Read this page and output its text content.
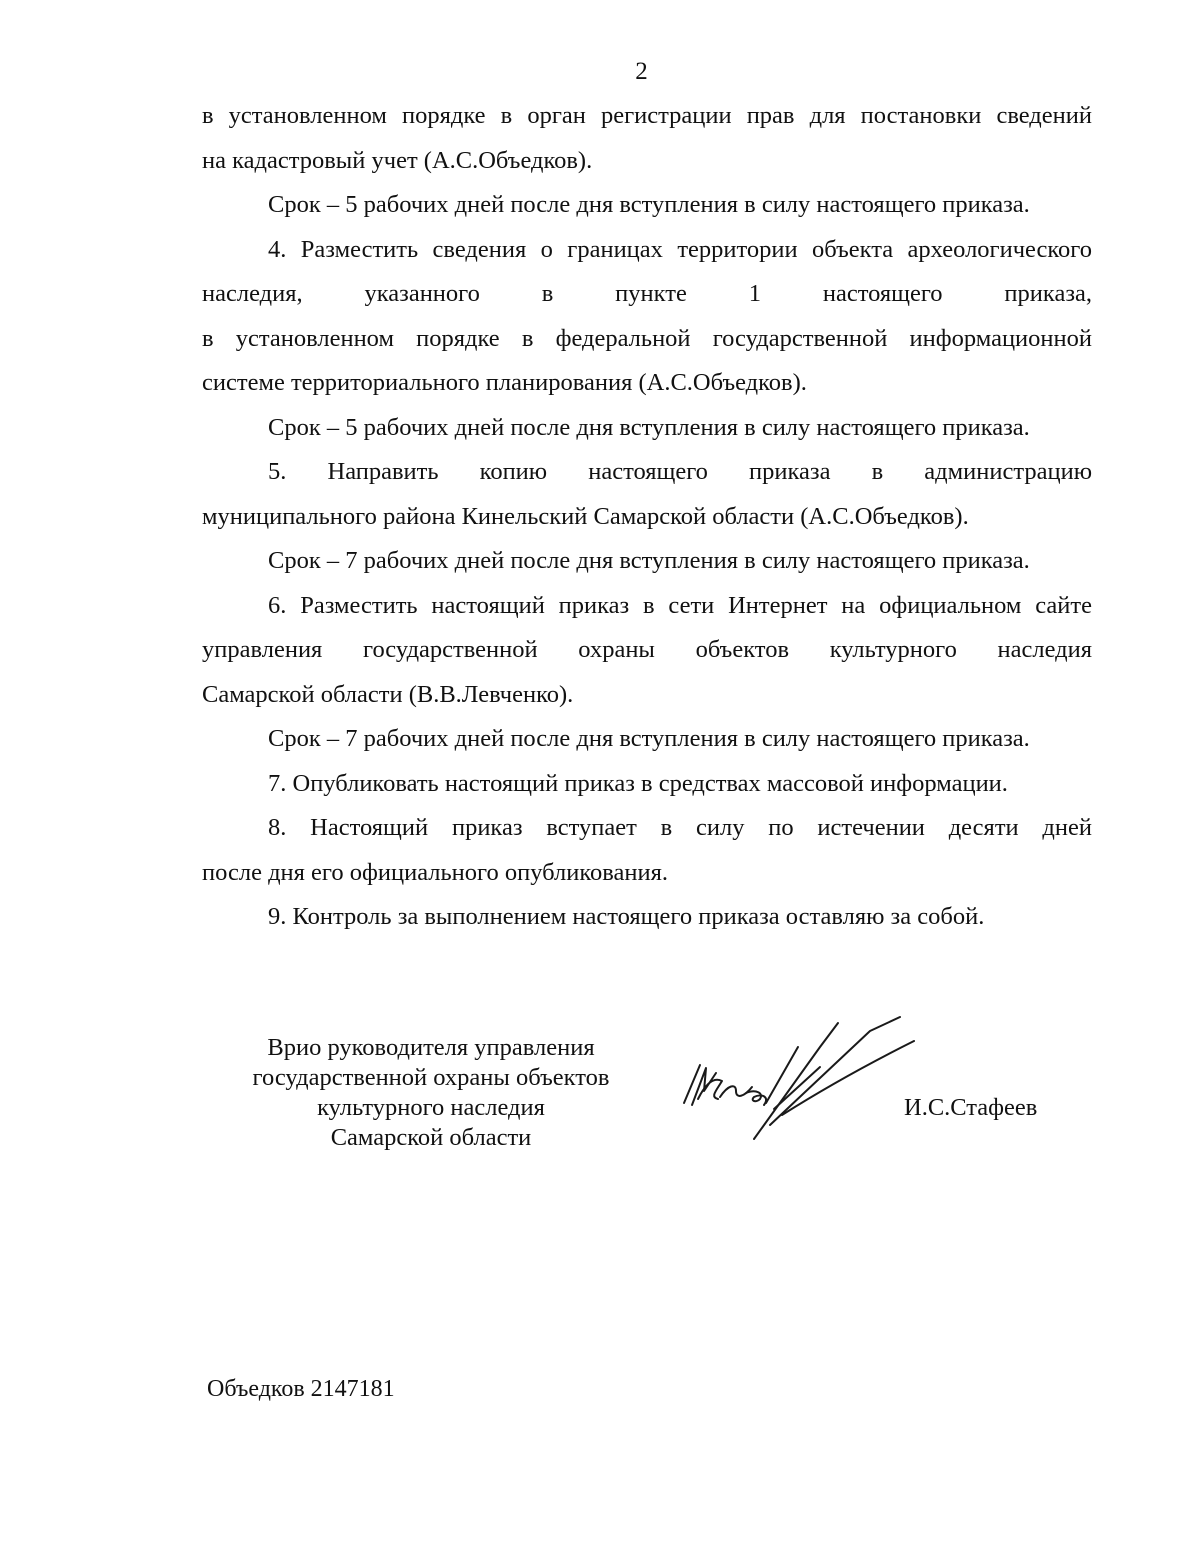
2
в установленном порядке в орган регистрации прав для постановки сведений
на кадастровый учет (А.С.Объедков).
Срок – 5 рабочих дней после дня вступления в силу настоящего приказа.
4. Разместить сведения о границах территории объекта археологического
наследия, указанного в пункте 1 настоящего приказа,
в установленном порядке в федеральной государственной информационной
системе территориального планирования (А.С.Объедков).
Срок – 5 рабочих дней после дня вступления в силу настоящего приказа.
5. Направить копию настоящего приказа в администрацию
муниципального района Кинельский Самарской области (А.С.Объедков).
Срок – 7 рабочих дней после дня вступления в силу настоящего приказа.
6. Разместить настоящий приказ в сети Интернет на официальном сайте
управления государственной охраны объектов культурного наследия
Самарской области (В.В.Левченко).
Срок – 7 рабочих дней после дня вступления в силу настоящего приказа.
7. Опубликовать настоящий приказ в средствах массовой информации.
8. Настоящий приказ вступает в силу по истечении десяти дней
после дня его официального опубликования.
9. Контроль за выполнением настоящего приказа оставляю за собой.
Врио руководителя управления
государственной охраны объектов
культурного наследия
Самарской области
И.С.Стафеев
Объедков 2147181
